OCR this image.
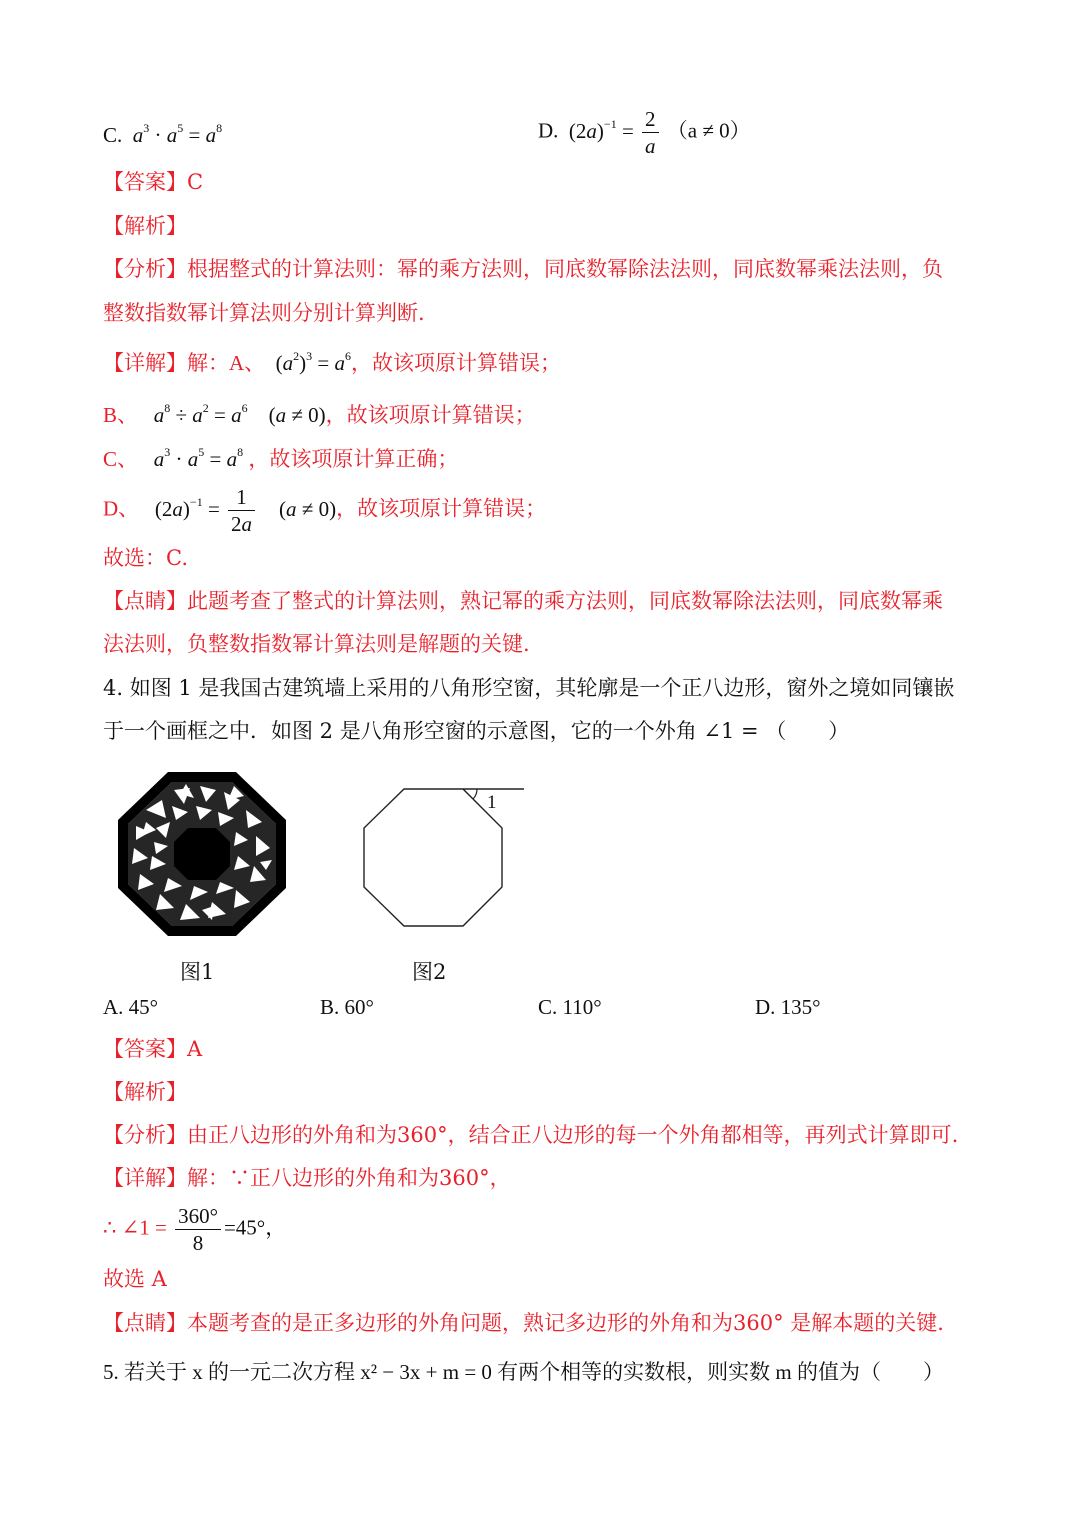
C. $a^3 \cdot a^5 = a^8$	D. $(2a)^{-1} = \frac{2}{a} (a \ne 0)$
【答案】C
【解析】
【分析】根据整式的计算法则：幂的乘方法则，同底数幂除法法则，同底数幂乘法法则，负
整数指数幂计算法则分别计算判断.
【详解】解：A、 $(a^2)^3 = a^6$，故该项原计算错误；
B、 $a^8 \div a^2 = a^6$　(a ≠ 0)，故该项原计算错误；
C、 $a^3 \cdot a^5 = a^8$ ，故该项原计算正确；
D、 $(2a)^{-1} = \frac{1}{2a}$ 　(a ≠ 0)，故该项原计算错误；
故选：C.
【点睛】此题考查了整式的计算法则，熟记幂的乘方法则，同底数幂除法法则，同底数幂乘
法法则，负整数指数幂计算法则是解题的关键.
4. 如图 1 是我国古建筑墙上采用的八角形空窗，其轮廓是一个正八边形，窗外之境如同镶嵌
于一个画框之中．如图 2 是八角形空窗的示意图，它的一个外角 ∠1 = （　　）
图1
1
图2
A. 45°	B. 60°	C. 110°	D. 135°
【答案】A
【解析】
【分析】由正八边形的外角和为360°，结合正八边形的每一个外角都相等，再列式计算即可.
【详解】解：∵正八边形的外角和为360°，
∴ ∠1 = $\frac{360^\circ}{8} =45^\circ$，
故选 A
【点睛】本题考查的是正多边形的外角问题，熟记多边形的外角和为360° 是解本题的关键.
5. 若关于 x 的一元二次方程 x² − 3x + m = 0 有两个相等的实数根，则实数 m 的值为（　　）
